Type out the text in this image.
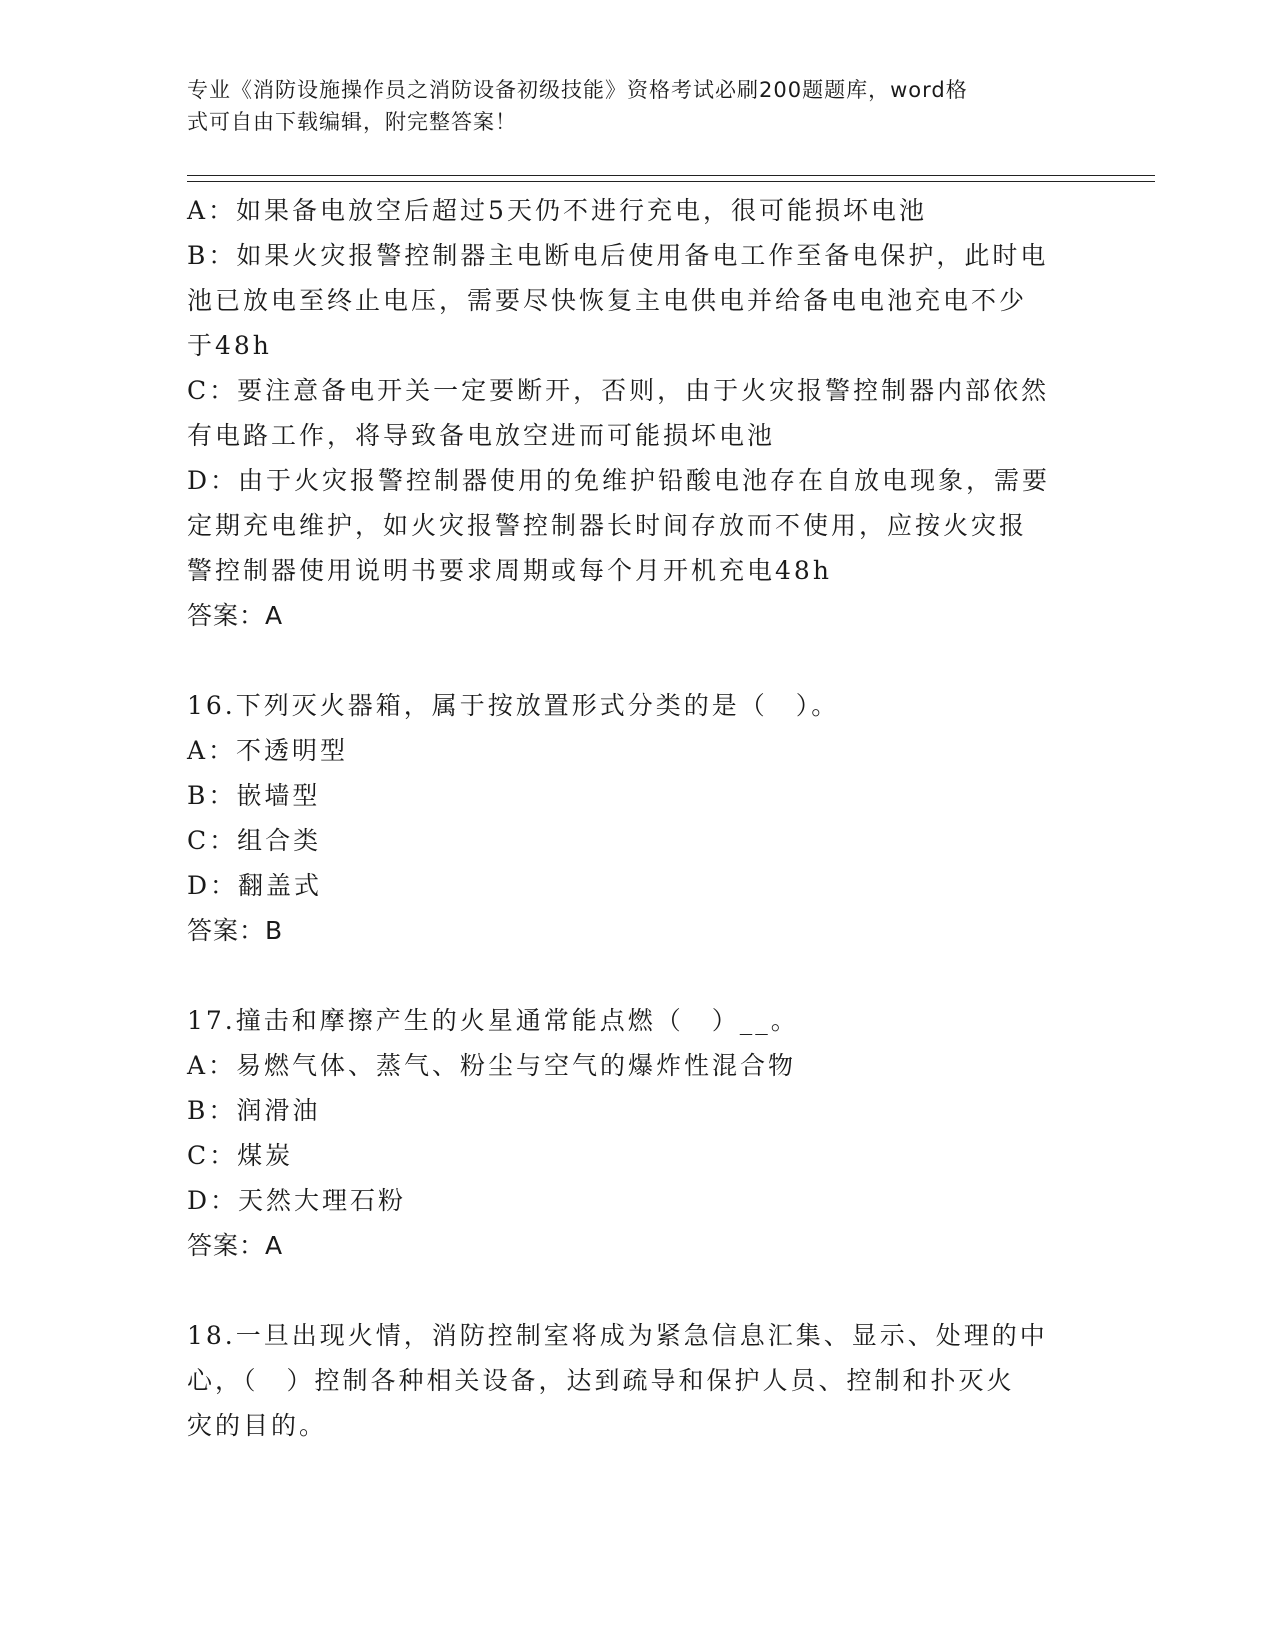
专业《消防设施操作员之消防设备初级技能》资格考试必刷200题题库，word格

式可自由下载编辑，附完整答案！

A：如果备电放空后超过5天仍不进行充电，很可能损坏电池

B：如果火灾报警控制器主电断电后使用备电工作至备电保护，此时电

池已放电至终止电压，需要尽快恢复主电供电并给备电电池充电不少

于48h

C：要注意备电开关一定要断开，否则，由于火灾报警控制器内部依然

有电路工作，将导致备电放空进而可能损坏电池

D：由于火灾报警控制器使用的免维护铅酸电池存在自放电现象，需要

定期充电维护，如火灾报警控制器长时间存放而不使用，应按火灾报

警控制器使用说明书要求周期或每个月开机充电48h

答案：A

16.下列灭火器箱，属于按放置形式分类的是（　）。

A：不透明型

B：嵌墙型

C：组合类

D：翻盖式

答案：B

17.撞击和摩擦产生的火星通常能点燃（　）__。

A：易燃气体、蒸气、粉尘与空气的爆炸性混合物

B：润滑油

C：煤炭

D：天然大理石粉

答案：A

18.一旦出现火情，消防控制室将成为紧急信息汇集、显示、处理的中

心，（　）控制各种相关设备，达到疏导和保护人员、控制和扑灭火

灾的目的。
